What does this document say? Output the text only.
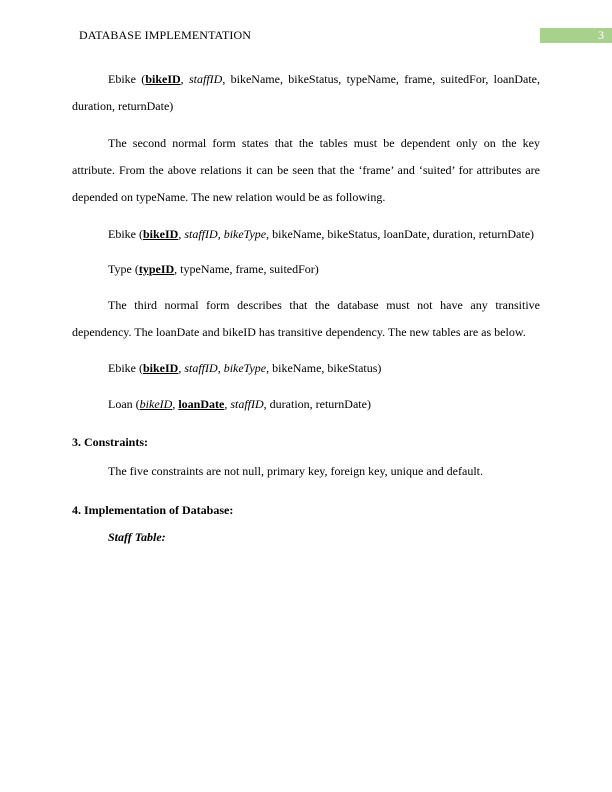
DATABASE IMPLEMENTATION	3
Ebike (bikeID, staffID, bikeName, bikeStatus, typeName, frame, suitedFor, loanDate,
duration, returnDate)
The second normal form states that the tables must be dependent only on the key
attribute. From the above relations it can be seen that the ‘frame’ and ‘suited’ for attributes are
depended on typeName. The new relation would be as following.
Ebike (bikeID, staffID, bikeType, bikeName, bikeStatus, loanDate, duration, returnDate)
Type (typeID, typeName, frame, suitedFor)
The third normal form describes that the database must not have any transitive
dependency. The loanDate and bikeID has transitive dependency. The new tables are as below.
Ebike (bikeID, staffID, bikeType, bikeName, bikeStatus)
Loan (bikeID, loanDate, staffID, duration, returnDate)
3. Constraints:
The five constraints are not null, primary key, foreign key, unique and default.
4. Implementation of Database:
Staff Table:
